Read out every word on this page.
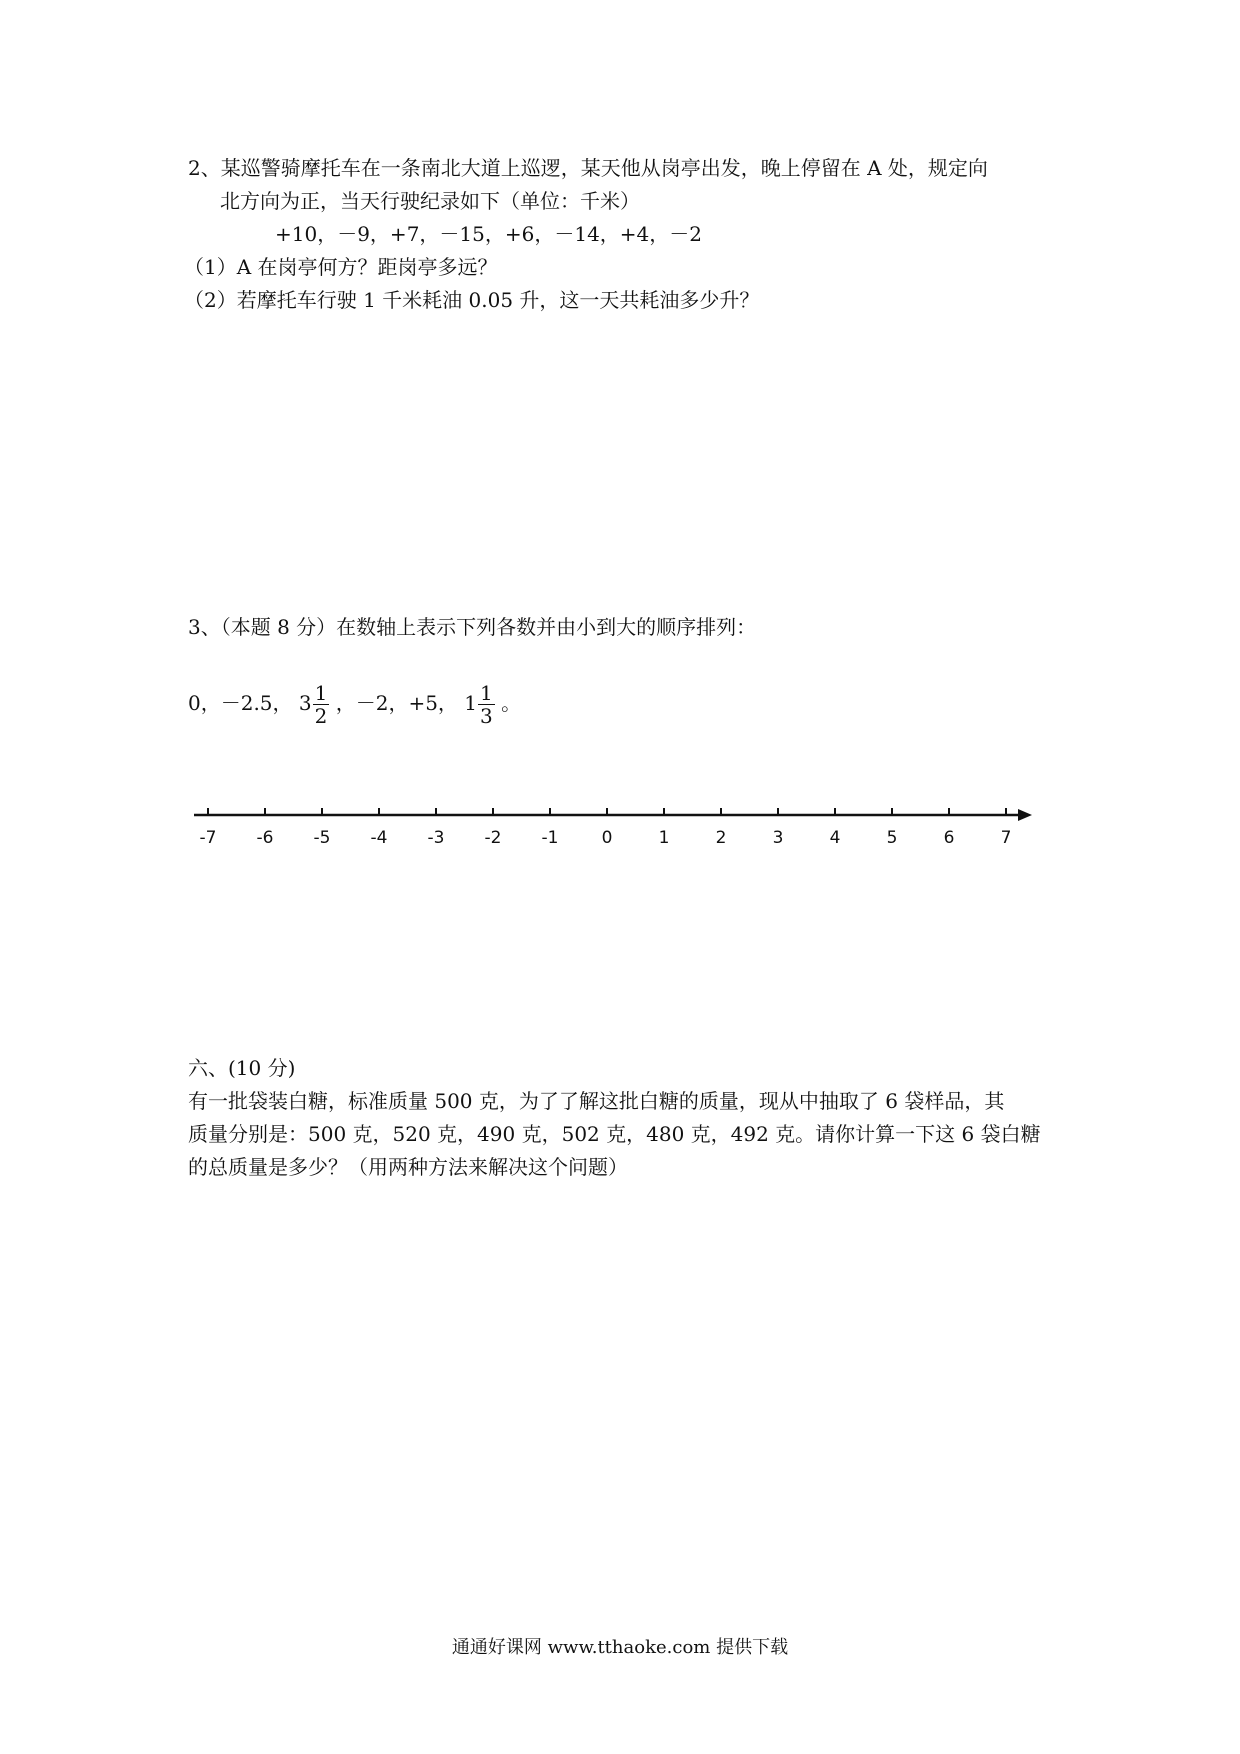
2、某巡警骑摩托车在一条南北大道上巡逻，某天他从岗亭出发，晚上停留在 A 处，规定向
北方向为正，当天行驶纪录如下（单位：千米）
+10，－9，+7，－15，+6，－14，+4，－2
（1）A 在岗亭何方？距岗亭多远？
（2）若摩托车行驶 1 千米耗油 0.05 升，这一天共耗油多少升？
3、（本题 8 分）在数轴上表示下列各数并由小到大的顺序排列：
0，－2.5， $3 \frac{1}{2}$ ，－2，+5， $1 \frac{1}{3}$ 。
-7 -6 -5 -4 -3 -2 -1	0	1	2	3	4	5	6	7
六、(10 分)
有一批袋装白糖，标准质量 500 克，为了了解这批白糖的质量，现从中抽取了 6 袋样品，其
质量分别是：500 克，520 克，490 克，502 克，480 克，492 克。请你计算一下这 6 袋白糖
的总质量是多少？（用两种方法来解决这个问题）
通通好课网 www.tthaoke.com 提供下载
